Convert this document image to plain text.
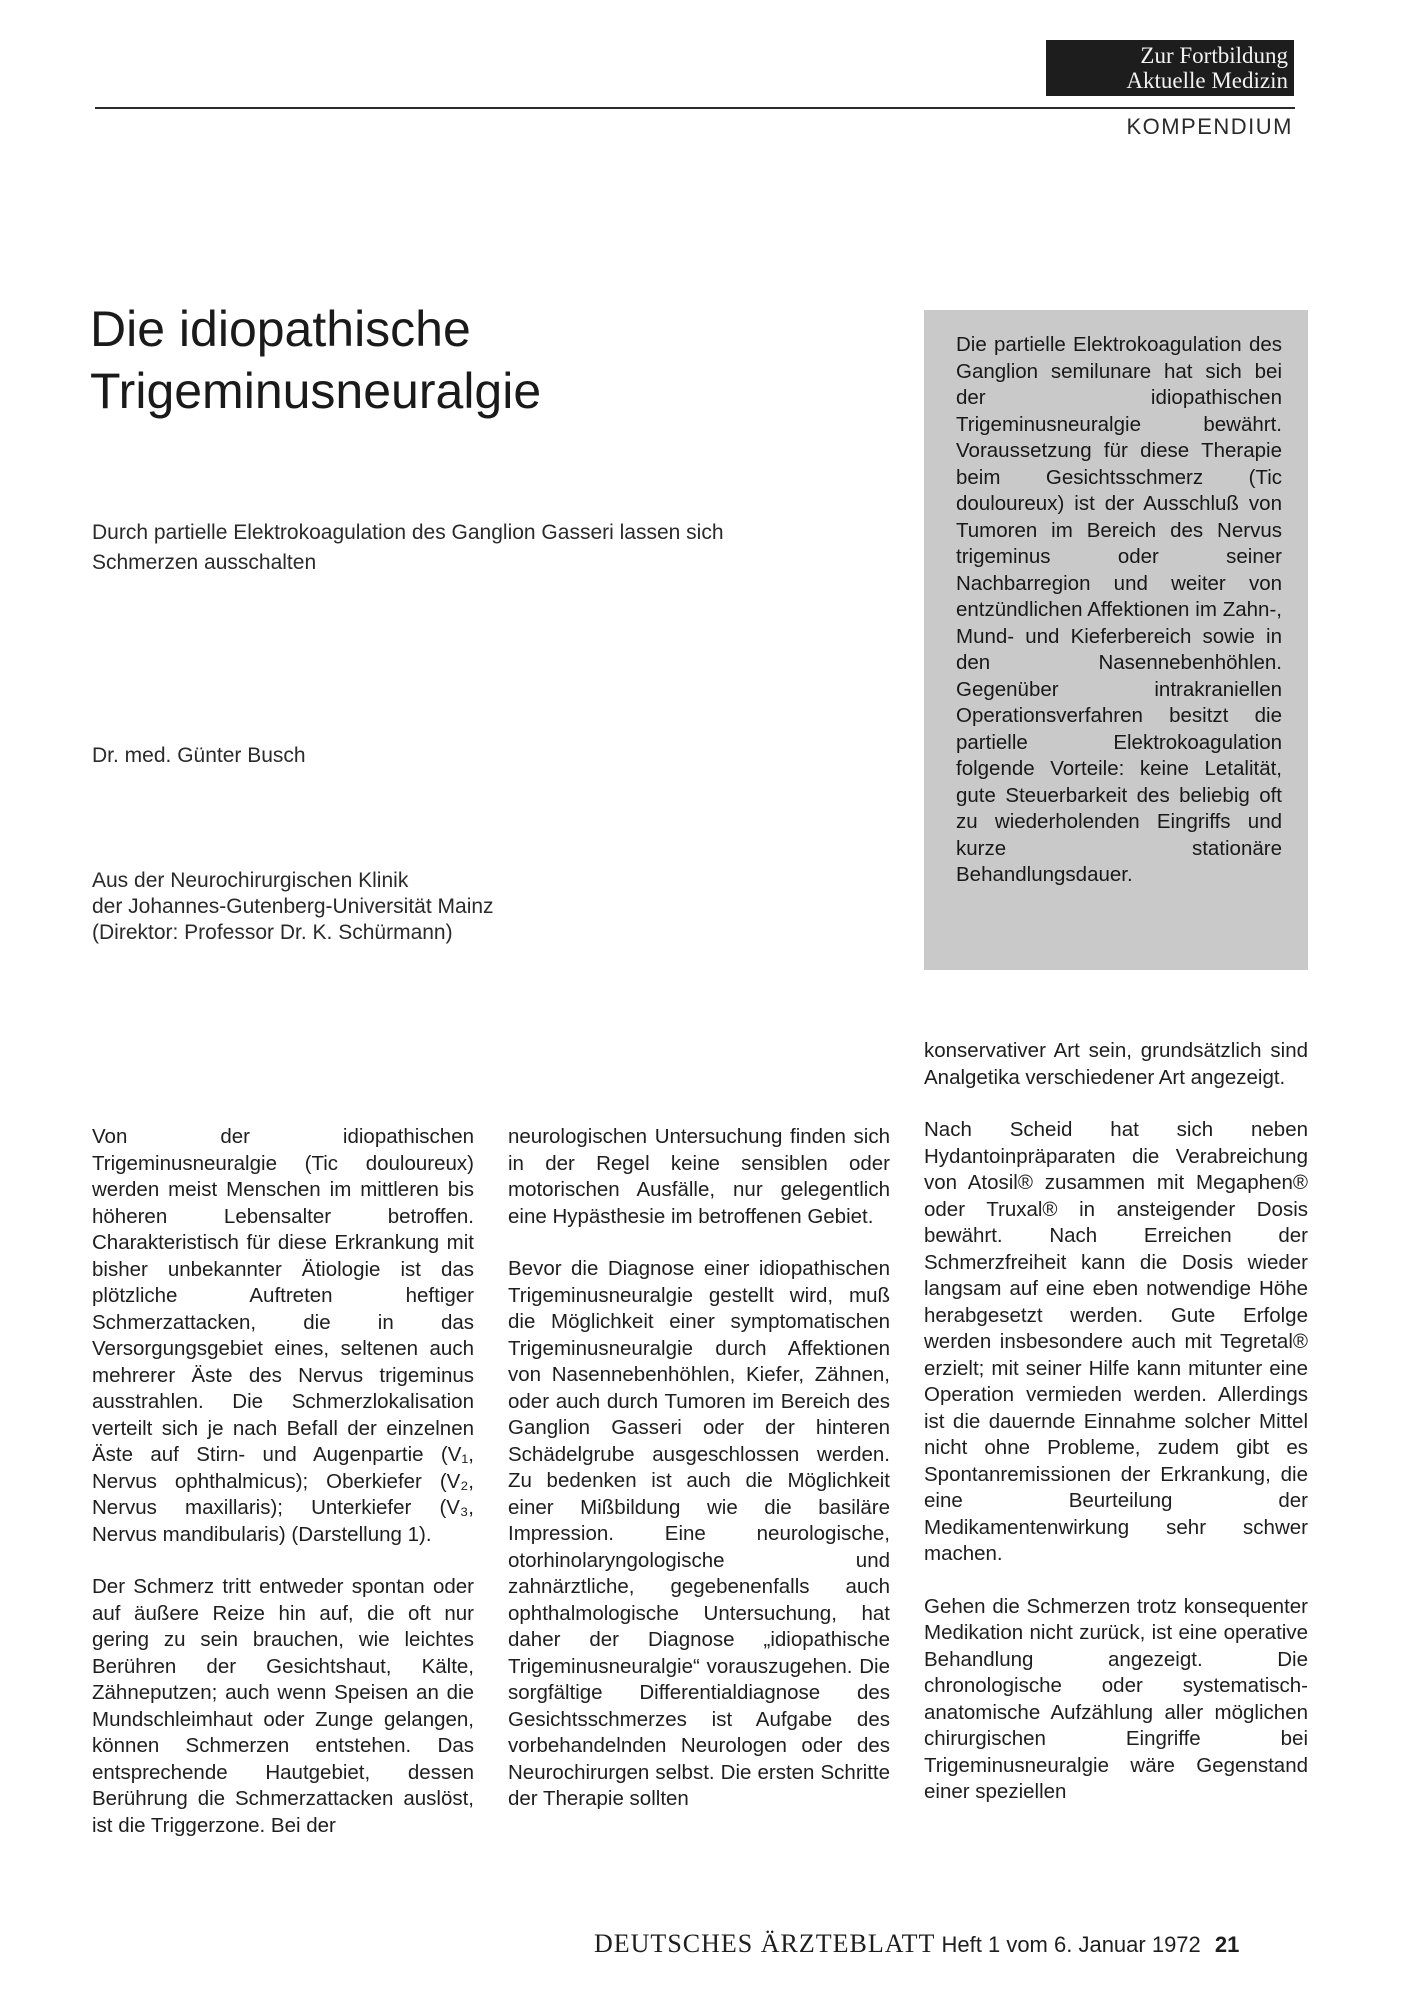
Zur Fortbildung
Aktuelle Medizin
KOMPENDIUM
Die idiopathische
Trigeminusneuralgie
Durch partielle Elektrokoagulation des Ganglion Gasseri lassen sich Schmerzen ausschalten
Dr. med. Günter Busch
Aus der Neurochirurgischen Klinik
der Johannes-Gutenberg-Universität Mainz
(Direktor: Professor Dr. K. Schürmann)
Die partielle Elektrokoagulation des Ganglion semilunare hat sich bei der idiopathischen Trigeminusneuralgie bewährt. Voraussetzung für diese Therapie beim Gesichtsschmerz (Tic douloureux) ist der Ausschluß von Tumoren im Bereich des Nervus trigeminus oder seiner Nachbarregion und weiter von entzündlichen Affektionen im Zahn-, Mund- und Kieferbereich sowie in den Nasennebenhöhlen. Gegenüber intrakraniellen Operationsverfahren besitzt die partielle Elektrokoagulation folgende Vorteile: keine Letalität, gute Steuerbarkeit des beliebig oft zu wiederholenden Eingriffs und kurze stationäre Behandlungsdauer.

Von der idiopathischen Trigeminusneuralgie (Tic douloureux) werden meist Menschen im mittleren bis höheren Lebensalter betroffen. Charakteristisch für diese Erkrankung mit bisher unbekannter Ätiologie ist das plötzliche Auftreten heftiger Schmerzattacken, die in das Versorgungsgebiet eines, seltenen auch mehrerer Äste des Nervus trigeminus ausstrahlen. Die Schmerzlokalisation verteilt sich je nach Befall der einzelnen Äste auf Stirn- und Augenpartie (V₁, Nervus ophthalmicus); Oberkiefer (V₂, Nervus maxillaris); Unterkiefer (V₃, Nervus mandibularis) (Darstellung 1).

Der Schmerz tritt entweder spontan oder auf äußere Reize hin auf, die oft nur gering zu sein brauchen, wie leichtes Berühren der Gesichtshaut, Kälte, Zähneputzen; auch wenn Speisen an die Mundschleimhaut oder Zunge gelangen, können Schmerzen entstehen. Das entsprechende Hautgebiet, dessen Berührung die Schmerzattacken auslöst, ist die Triggerzone. Bei der

neurologischen Untersuchung finden sich in der Regel keine sensiblen oder motorischen Ausfälle, nur gelegentlich eine Hypästhesie im betroffenen Gebiet.

Bevor die Diagnose einer idiopathischen Trigeminusneuralgie gestellt wird, muß die Möglichkeit einer symptomatischen Trigeminusneuralgie durch Affektionen von Nasennebenhöhlen, Kiefer, Zähnen, oder auch durch Tumoren im Bereich des Ganglion Gasseri oder der hinteren Schädelgrube ausgeschlossen werden. Zu bedenken ist auch die Möglichkeit einer Mißbildung wie die basiläre Impression. Eine neurologische, otorhinolaryngologische und zahnärztliche, gegebenenfalls auch ophthalmologische Untersuchung, hat daher der Diagnose „idiopathische Trigeminusneuralgie“ vorauszugehen. Die sorgfältige Differentialdiagnose des Gesichtsschmerzes ist Aufgabe des vorbehandelnden Neurologen oder des Neurochirurgen selbst. Die ersten Schritte der Therapie sollten

konservativer Art sein, grundsätzlich sind Analgetika verschiedener Art angezeigt.

Nach Scheid hat sich neben Hydantoinpräparaten die Verabreichung von Atosil® zusammen mit Megaphen® oder Truxal® in ansteigender Dosis bewährt. Nach Erreichen der Schmerzfreiheit kann die Dosis wieder langsam auf eine eben notwendige Höhe herabgesetzt werden. Gute Erfolge werden insbesondere auch mit Tegretal® erzielt; mit seiner Hilfe kann mitunter eine Operation vermieden werden. Allerdings ist die dauernde Einnahme solcher Mittel nicht ohne Probleme, zudem gibt es Spontanremissionen der Erkrankung, die eine Beurteilung der Medikamentenwirkung sehr schwer machen.

Gehen die Schmerzen trotz konsequenter Medikation nicht zurück, ist eine operative Behandlung angezeigt. Die chronologische oder systematisch-anatomische Aufzählung aller möglichen chirurgischen Eingriffe bei Trigeminusneuralgie wäre Gegenstand einer speziellen

DEUTSCHES ÄRZTEBLATT Heft 1 vom 6. Januar 1972 21
